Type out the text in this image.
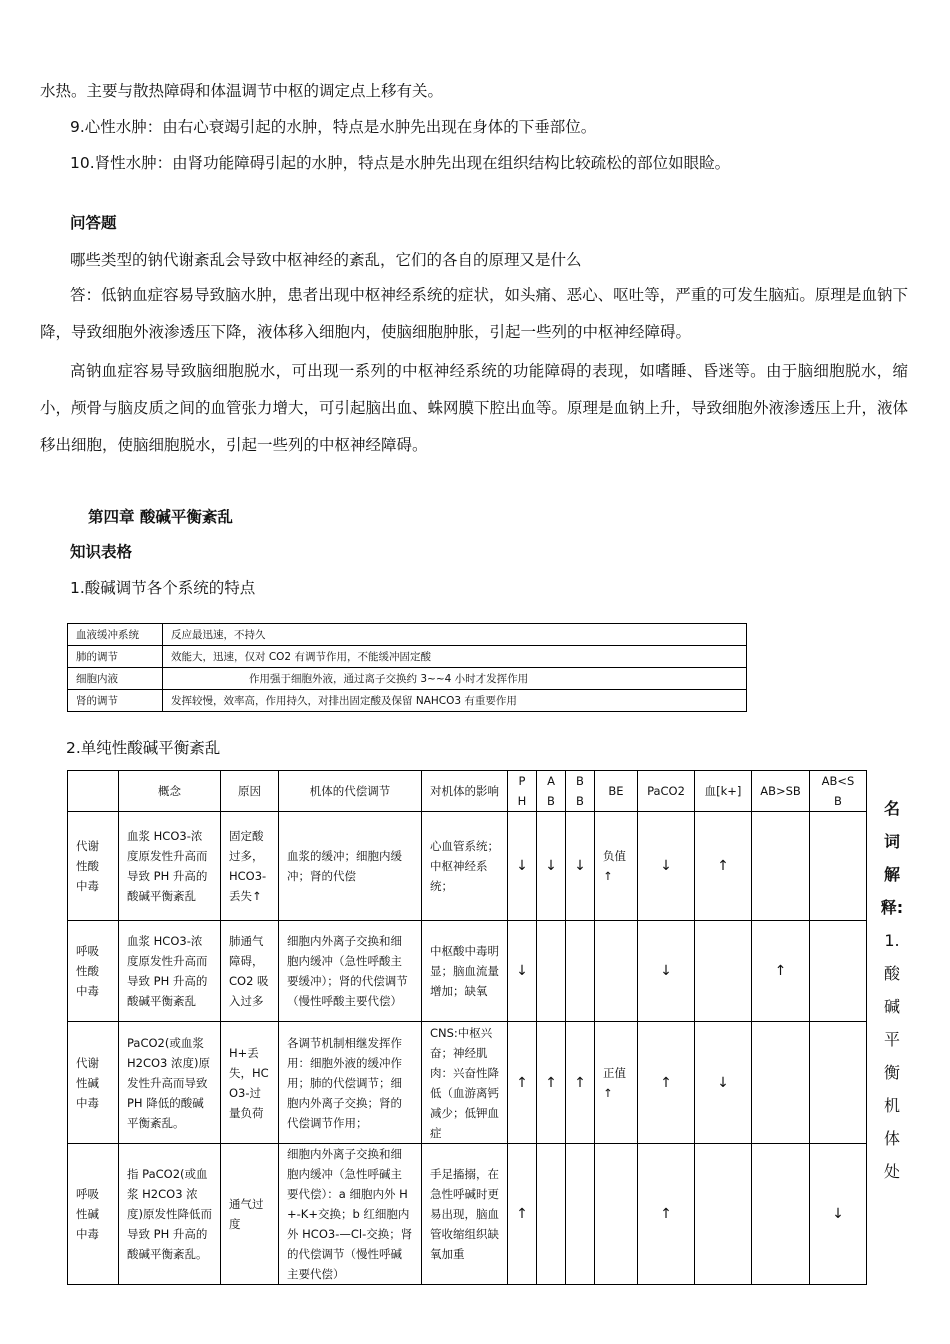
水热。主要与散热障碍和体温调节中枢的调定点上移有关。
9.心性水肿：由右心衰竭引起的水肿，特点是水肿先出现在身体的下垂部位。
10.肾性水肿：由肾功能障碍引起的水肿，特点是水肿先出现在组织结构比较疏松的部位如眼睑。
问答题
哪些类型的钠代谢紊乱会导致中枢神经的紊乱，它们的各自的原理又是什么
答：低钠血症容易导致脑水肿，患者出现中枢神经系统的症状，如头痛、恶心、呕吐等，严重的可发生脑疝。原理是血钠下降，导致细胞外液渗透压下降，液体移入细胞内，使脑细胞肿胀，引起一些列的中枢神经障碍。
高钠血症容易导致脑细胞脱水，可出现一系列的中枢神经系统的功能障碍的表现，如嗜睡、昏迷等。由于脑细胞脱水，缩小，颅骨与脑皮质之间的血管张力增大，可引起脑出血、蛛网膜下腔出血等。原理是血钠上升，导致细胞外液渗透压上升，液体移出细胞，使脑细胞脱水，引起一些列的中枢神经障碍。
第四章 酸碱平衡紊乱
知识表格
1.酸碱调节各个系统的特点
血液缓冲系统	反应最迅速，不持久
肺的调节	效能大，迅速，仅对 CO2 有调节作用，不能缓冲固定酸
细胞内液	作用强于细胞外液，通过离子交换约 3~~4 小时才发挥作用
肾的调节	发挥较慢，效率高，作用持久，对排出固定酸及保留 NAHCO3 有重要作用
2.单纯性酸碱平衡紊乱
	概念	原因	机体的代偿调节	对机体的影响	P H	A B	B B	BE	PaCO2	血[k+]	AB>SB	AB<SB
代谢性酸中毒	血浆 HCO3-浓度原发性升高而导致 PH 升高的酸碱平衡紊乱	固定酸过多，HCO3-丢失↑	血浆的缓冲；细胞内缓冲；肾的代偿	心血管系统；中枢神经系统；	↓	↓	↓	负值↑	↓	↑		
呼吸性酸中毒	血浆 HCO3-浓度原发性升高而导致 PH 升高的酸碱平衡紊乱	肺通气障碍，CO2 吸入过多	细胞内外离子交换和细胞内缓冲（急性呼酸主要缓冲）；肾的代偿调节（慢性呼酸主要代偿）	中枢酸中毒明显；脑血流量增加；缺氧	↓				↓		↑	
代谢性碱中毒	PaCO2(或血浆 H2CO3 浓度)原发性升高而导致 PH 降低的酸碱平衡紊乱。	H+丢失，HCO3-过量负荷	各调节机制相继发挥作用：细胞外液的缓冲作用；肺的代偿调节；细胞内外离子交换；肾的代偿调节作用；	CNS:中枢兴奋；神经肌肉：兴奋性降低（血游离钙减少；低钾血症	↑	↑	↑	正值↑	↑	↓		
呼吸性碱中毒	指 PaCO2(或血浆 H2CO3 浓度)原发性降低而导致 PH 升高的酸碱平衡紊乱。	通气过度	细胞内外离子交换和细胞内缓冲（急性呼碱主要代偿）：a 细胞内外 H+-K+交换；b 红细胞内外 HCO3-—Cl-交换；肾的代偿调节（慢性呼碱主要代偿）	手足搐搦，在急性呼碱时更易出现，脑血管收缩组织缺氧加重	↑				↑			↓
名
词
解
释:
1.
酸
碱
平
衡
机
体
处
